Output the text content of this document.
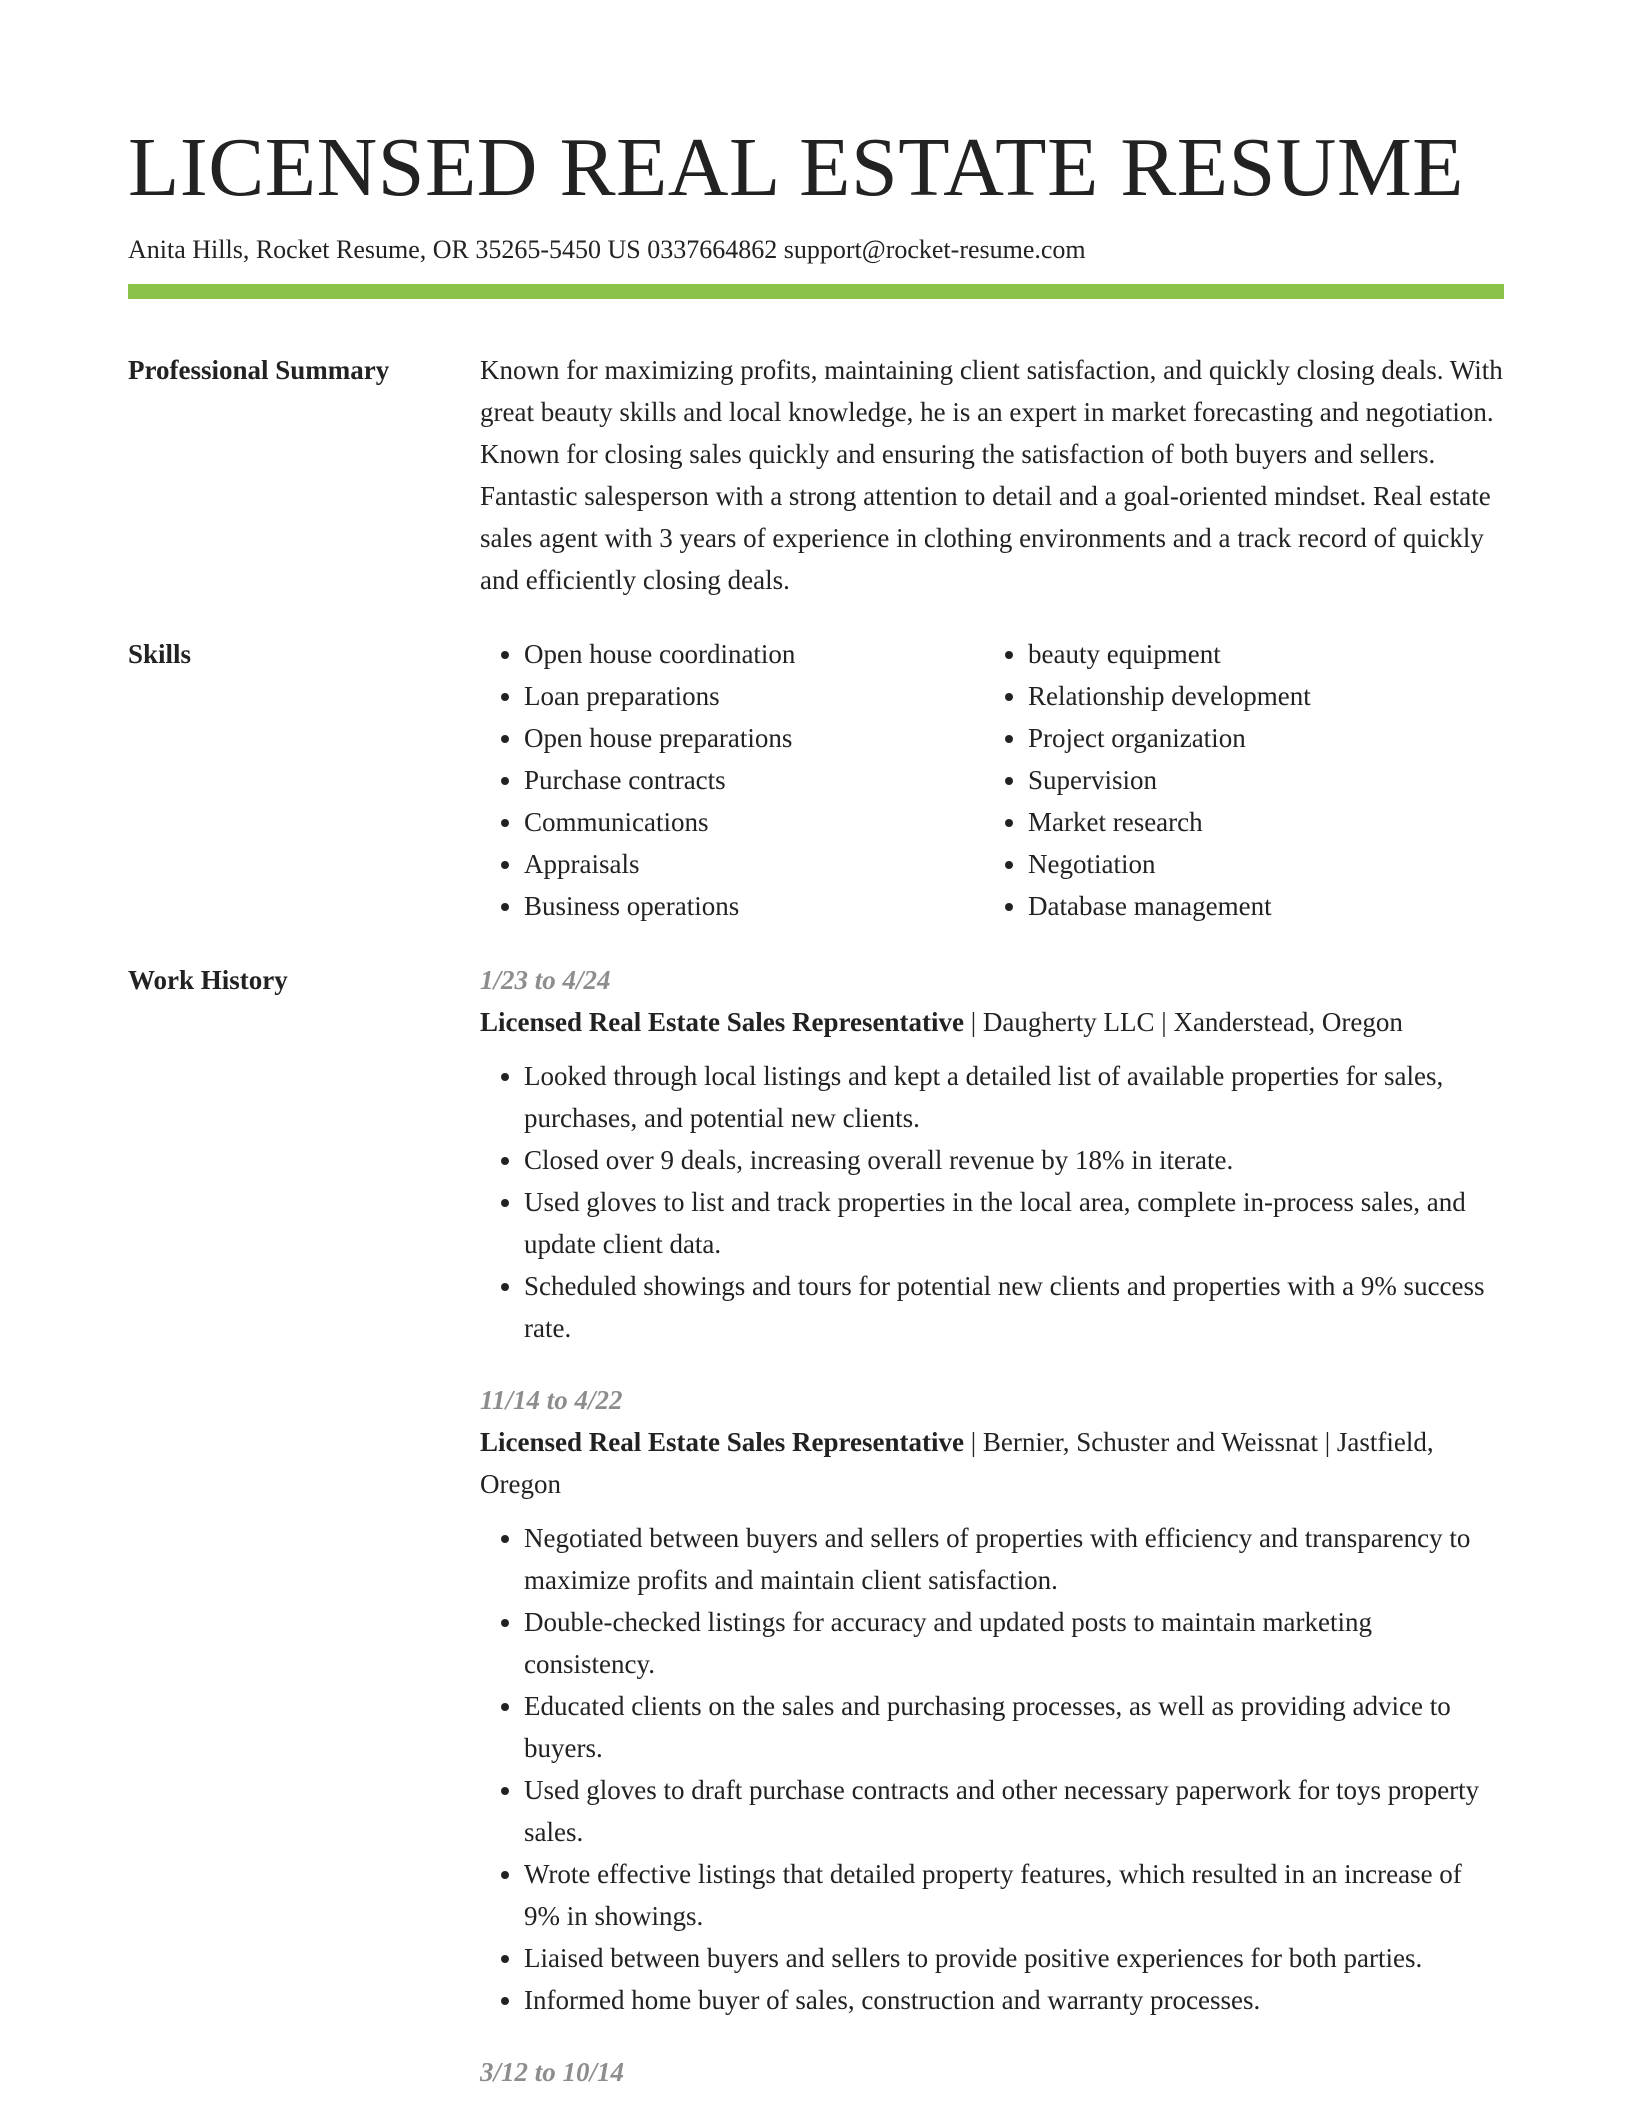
LICENSED REAL ESTATE RESUME
Anita Hills, Rocket Resume, OR 35265-5450 US 0337664862 support@rocket-resume.com
Professional Summary	Known for maximizing profits, maintaining client satisfaction, and quickly closing deals. With great beauty skills and local knowledge, he is an expert in market forecasting and negotiation. Known for closing sales quickly and ensuring the satisfaction of both buyers and sellers. Fantastic salesperson with a strong attention to detail and a goal-oriented mindset. Real estate sales agent with 3 years of experience in clothing environments and a track record of quickly and efficiently closing deals.
Skills
•	Open house coordination
• Loan preparations
• Open house preparations
• Purchase contracts
• Communications
• Appraisals
• Business operations
• beauty equipment
• Relationship development
• Project organization
• Supervision
• Market research
• Negotiation
• Database management
Work History	1/23 to 4/24
Licensed Real Estate Sales Representative | Daugherty LLC | Xanderstead, Oregon
• Looked through local listings and kept a detailed list of available properties for sales, purchases, and potential new clients.
• Closed over 9 deals, increasing overall revenue by 18% in iterate.
• Used gloves to list and track properties in the local area, complete in-process sales, and update client data.
• Scheduled showings and tours for potential new clients and properties with a 9% success rate.
11/14 to 4/22
Licensed Real Estate Sales Representative | Bernier, Schuster and Weissnat | Jastfield, Oregon
• Negotiated between buyers and sellers of properties with efficiency and transparency to maximize profits and maintain client satisfaction.
• Double-checked listings for accuracy and updated posts to maintain marketing consistency.
• Educated clients on the sales and purchasing processes, as well as providing advice to buyers.
• Used gloves to draft purchase contracts and other necessary paperwork for toys property sales.
• Wrote effective listings that detailed property features, which resulted in an increase of 9% in showings.
• Liaised between buyers and sellers to provide positive experiences for both parties.
• Informed home buyer of sales, construction and warranty processes.
3/12 to 10/14
